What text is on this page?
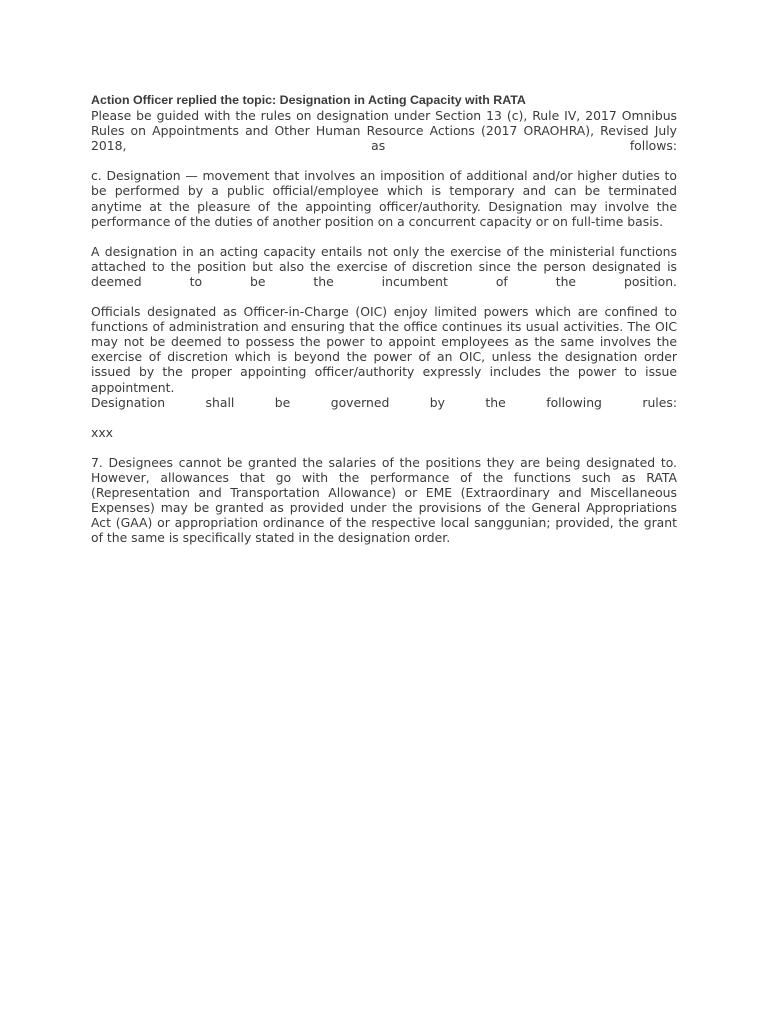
Action Officer replied the topic: Designation in Acting Capacity with RATA

Please be guided with the rules on designation under Section 13 (c), Rule IV, 2017 Omnibus Rules on Appointments and Other Human Resource Actions (2017 ORAOHRA), Revised July 2018, as follows:

c. Designation — movement that involves an imposition of additional and/or higher duties to be performed by a public official/employee which is temporary and can be terminated anytime at the pleasure of the appointing officer/authority. Designation may involve the performance of the duties of another position on a concurrent capacity or on full-time basis.

A designation in an acting capacity entails not only the exercise of the ministerial functions attached to the position but also the exercise of discretion since the person designated is deemed to be the incumbent of the position.

Officials designated as Officer-in-Charge (OIC) enjoy limited powers which are confined to functions of administration and ensuring that the office continues its usual activities. The OIC may not be deemed to possess the power to appoint employees as the same involves the exercise of discretion which is beyond the power of an OIC, unless the designation order issued by the proper appointing officer/authority expressly includes the power to issue appointment.

Designation shall be governed by the following rules:

xxx

7. Designees cannot be granted the salaries of the positions they are being designated to. However, allowances that go with the performance of the functions such as RATA (Representation and Transportation Allowance) or EME (Extraordinary and Miscellaneous Expenses) may be granted as provided under the provisions of the General Appropriations Act (GAA) or appropriation ordinance of the respective local sanggunian; provided, the grant of the same is specifically stated in the designation order.
